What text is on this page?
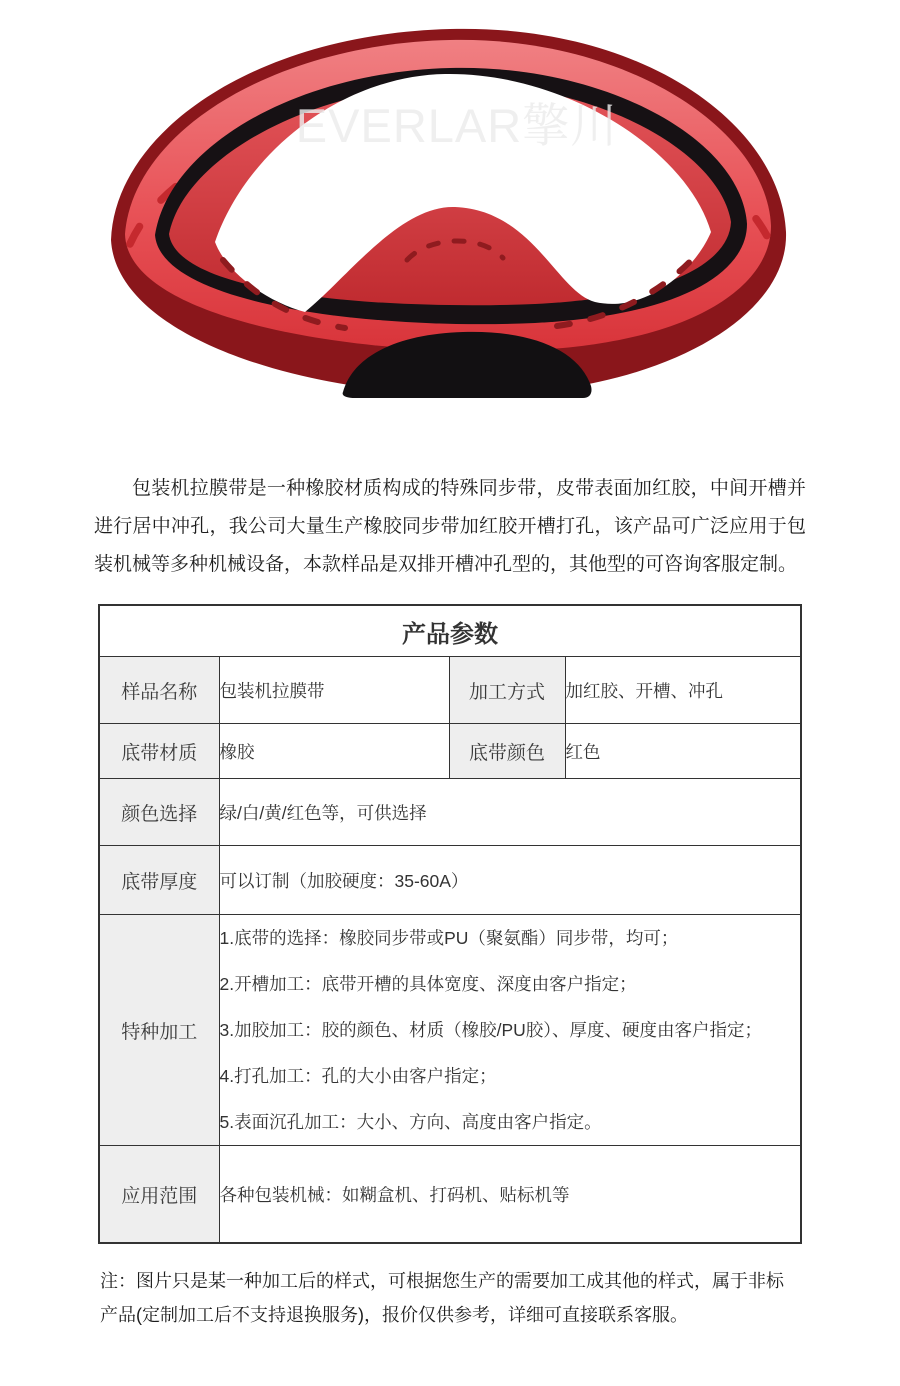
EVERLAR擎川

包装机拉膜带是一种橡胶材质构成的特殊同步带，皮带表面加红胶，中间开槽并进行居中冲孔，我公司大量生产橡胶同步带加红胶开槽打孔，该产品可广泛应用于包装机械等多种机械设备，本款样品是双排开槽冲孔型的，其他型的可咨询客服定制。

产品参数			
样品名称	包装机拉膜带	加工方式	加红胶、开槽、冲孔
底带材质	橡胶	底带颜色	红色
颜色选择	绿/白/黄/红色等，可供选择		
底带厚度	可以订制（加胶硬度：35-60A）		
特种加工	1.底带的选择：橡胶同步带或PU（聚氨酯）同步带，均可；
2.开槽加工：底带开槽的具体宽度、深度由客户指定；
3.加胶加工：胶的颜色、材质（橡胶/PU胶）、厚度、硬度由客户指定；
4.打孔加工：孔的大小由客户指定；
5.表面沉孔加工：大小、方向、高度由客户指定。		

应用范围	各种包装机械：如糊盒机、打码机、贴标机等		

注：图片只是某一种加工后的样式，可根据您生产的需要加工成其他的样式，属于非标产品(定制加工后不支持退换服务)，报价仅供参考，详细可直接联系客服。
